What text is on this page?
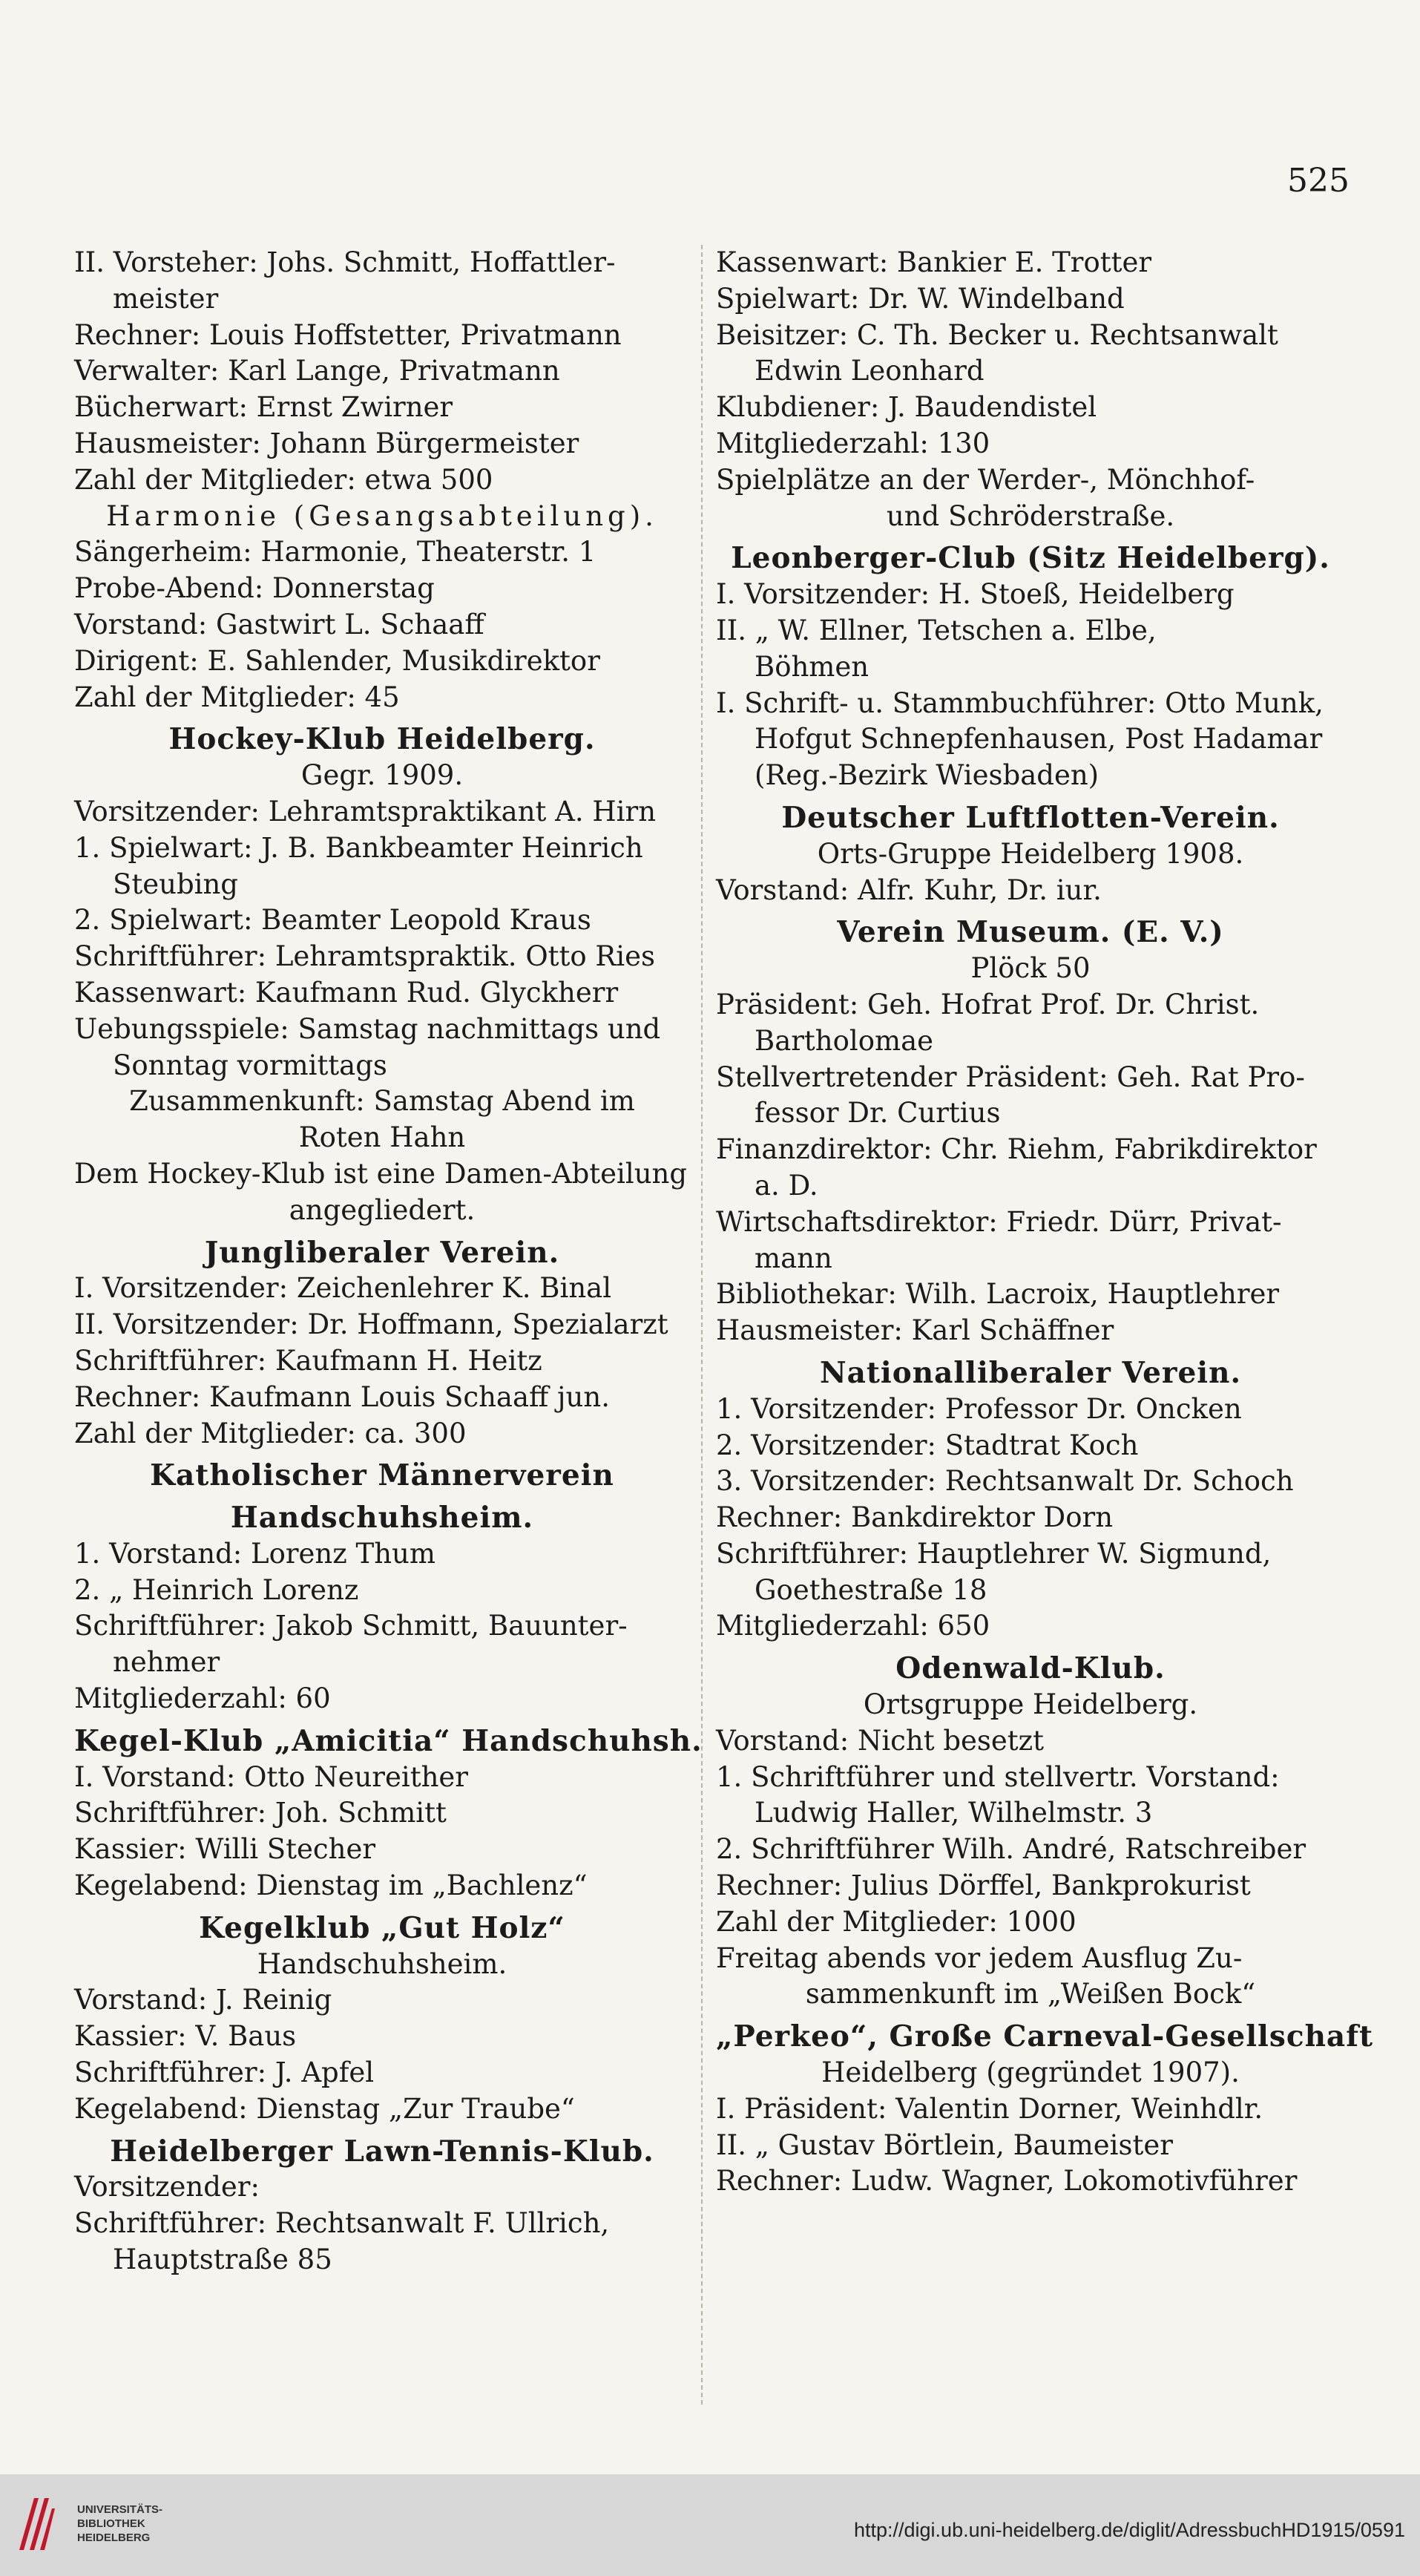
525
II. Vorsteher: Johs. Schmitt, Hoffattler-
meister
Rechner: Louis Hoffstetter, Privatmann
Verwalter: Karl Lange, Privatmann
Bücherwart: Ernst Zwirner
Hausmeister: Johann Bürgermeister
Zahl der Mitglieder: etwa 500
Harmonie (Gesangsabteilung).
Sängerheim: Harmonie, Theaterstr. 1
Probe-Abend: Donnerstag
Vorstand: Gastwirt L. Schaaff
Dirigent: E. Sahlender, Musikdirektor
Zahl der Mitglieder: 45
Hockey-Klub Heidelberg.
Gegr. 1909.
Vorsitzender: Lehramtspraktikant A. Hirn
1. Spielwart: J. B. Bankbeamter Heinrich
Steubing
2. Spielwart: Beamter Leopold Kraus
Schriftführer: Lehramtspraktik. Otto Ries
Kassenwart: Kaufmann Rud. Glyckherr
Uebungsspiele: Samstag nachmittags und
Sonntag vormittags
Zusammenkunft: Samstag Abend im
Roten Hahn
Dem Hockey-Klub ist eine Damen-Abteilung
angegliedert.
Jungliberaler Verein.
I. Vorsitzender: Zeichenlehrer K. Binal
II. Vorsitzender: Dr. Hoffmann, Spezialarzt
Schriftführer: Kaufmann H. Heitz
Rechner: Kaufmann Louis Schaaff jun.
Zahl der Mitglieder: ca. 300
Katholischer Männerverein
Handschuhsheim.
1. Vorstand: Lorenz Thum
2. „ Heinrich Lorenz
Schriftführer: Jakob Schmitt, Bauunter-
nehmer
Mitgliederzahl: 60
Kegel-Klub „Amicitia“ Handschuhsh.
I. Vorstand: Otto Neureither
Schriftführer: Joh. Schmitt
Kassier: Willi Stecher
Kegelabend: Dienstag im „Bachlenz“
Kegelklub „Gut Holz“
Handschuhsheim.
Vorstand: J. Reinig
Kassier: V. Baus
Schriftführer: J. Apfel
Kegelabend: Dienstag „Zur Traube“
Heidelberger Lawn-Tennis-Klub.
Vorsitzender:
Schriftführer: Rechtsanwalt F. Ullrich,
Hauptstraße 85
Kassenwart: Bankier E. Trotter
Spielwart: Dr. W. Windelband
Beisitzer: C. Th. Becker u. Rechtsanwalt
Edwin Leonhard
Klubdiener: J. Baudendistel
Mitgliederzahl: 130
Spielplätze an der Werder-, Mönchhof-
und Schröderstraße.
Leonberger-Club (Sitz Heidelberg).
I. Vorsitzender: H. Stoeß, Heidelberg
II. „ W. Ellner, Tetschen a. Elbe,
Böhmen
I. Schrift- u. Stammbuchführer: Otto Munk,
Hofgut Schnepfenhausen, Post Hadamar
(Reg.-Bezirk Wiesbaden)
Deutscher Luftflotten-Verein.
Orts-Gruppe Heidelberg 1908.
Vorstand: Alfr. Kuhr, Dr. iur.
Verein Museum. (E. V.)
Plöck 50
Präsident: Geh. Hofrat Prof. Dr. Christ.
Bartholomae
Stellvertretender Präsident: Geh. Rat Pro-
fessor Dr. Curtius
Finanzdirektor: Chr. Riehm, Fabrikdirektor
a. D.
Wirtschaftsdirektor: Friedr. Dürr, Privat-
mann
Bibliothekar: Wilh. Lacroix, Hauptlehrer
Hausmeister: Karl Schäffner
Nationalliberaler Verein.
1. Vorsitzender: Professor Dr. Oncken
2. Vorsitzender: Stadtrat Koch
3. Vorsitzender: Rechtsanwalt Dr. Schoch
Rechner: Bankdirektor Dorn
Schriftführer: Hauptlehrer W. Sigmund,
Goethestraße 18
Mitgliederzahl: 650
Odenwald-Klub.
Ortsgruppe Heidelberg.
Vorstand: Nicht besetzt
1. Schriftführer und stellvertr. Vorstand:
Ludwig Haller, Wilhelmstr. 3
2. Schriftführer Wilh. André, Ratschreiber
Rechner: Julius Dörffel, Bankprokurist
Zahl der Mitglieder: 1000
Freitag abends vor jedem Ausflug Zu-
sammenkunft im „Weißen Bock“
„Perkeo“, Große Carneval-Gesellschaft
Heidelberg (gegründet 1907).
I. Präsident: Valentin Dorner, Weinhdlr.
II. „ Gustav Börtlein, Baumeister
Rechner: Ludw. Wagner, Lokomotivführer
UNIVERSITÄTS-
BIBLIOTHEK
HEIDELBERG	http://digi.ub.uni-heidelberg.de/diglit/AdressbuchHD1915/0591
